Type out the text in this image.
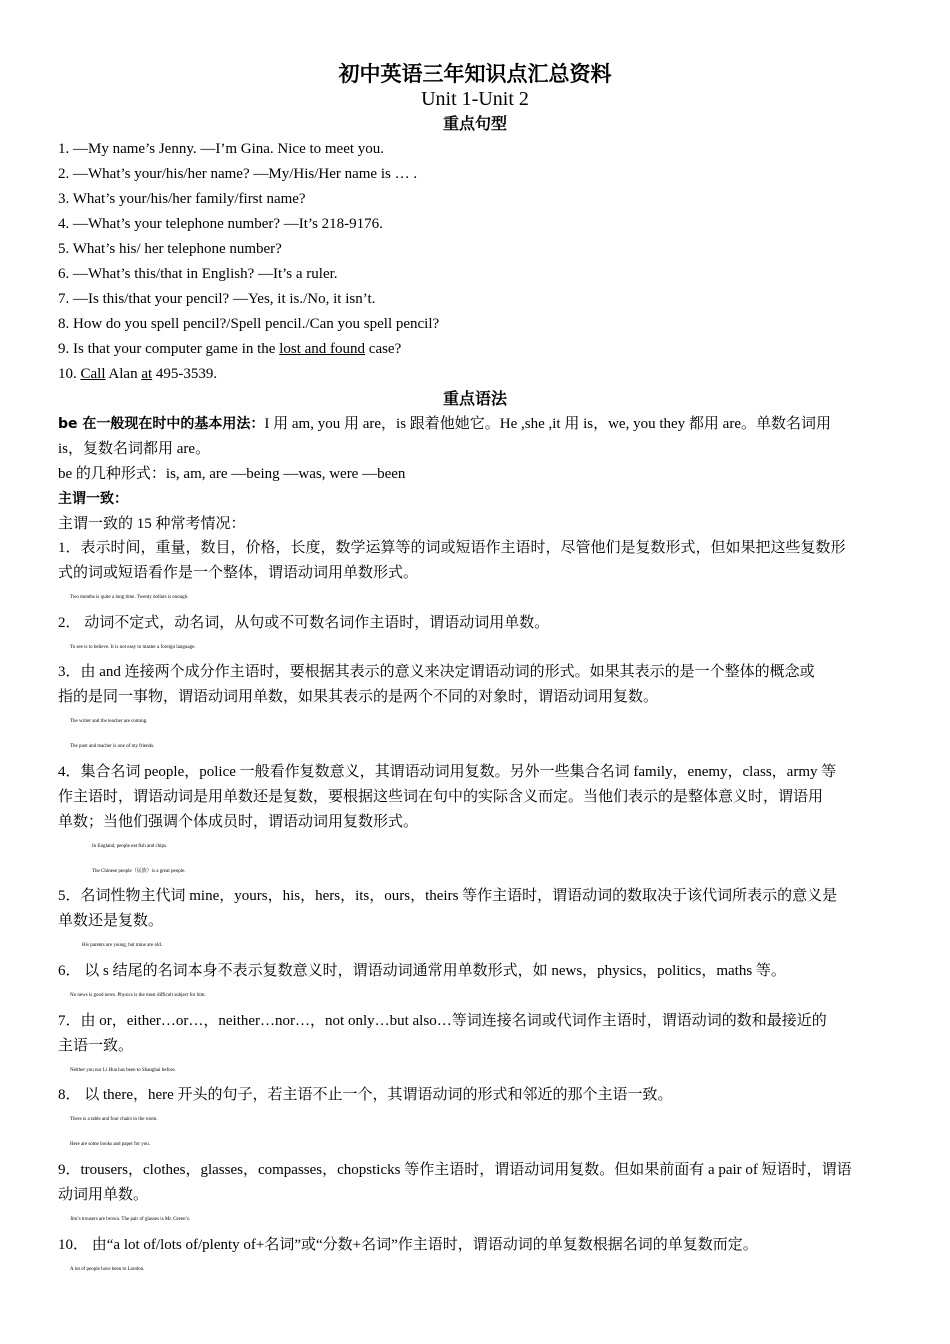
初中英语三年知识点汇总资料
Unit 1-Unit 2
重点句型
1. —My name’s Jenny. —I’m Gina. Nice to meet you.
2. —What’s your/his/her name? —My/His/Her name is … .
3. What’s your/his/her family/first name?
4. —What’s your telephone number? —It’s 218-9176.
5. What’s his/ her telephone number?
6. —What’s this/that in English? —It’s a ruler.
7. —Is this/that your pencil? —Yes, it is./No, it isn’t.
8. How do you spell pencil?/Spell pencil./Can you spell pencil?
9. Is that your computer game in the lost and found case?
10. Call Alan at 495-3539.
重点语法
be 在一般现在时中的基本用法：I 用 am, you 用 are，is 跟着他她它。He ,she ,it 用 is，we, you they 都用 are。单数名词用
is，复数名词都用 are。
be 的几种形式：is, am, are —being —was, were —been
主谓一致：
主谓一致的 15 种常考情况：
1．表示时间，重量，数目，价格，长度，数学运算等的词或短语作主语时，尽管他们是复数形式，但如果把这些复数形
式的词或短语看作是一个整体，谓语动词用单数形式。
Two months is quite a long time. Twenty dollars is enough.
2． 动词不定式，动名词，从句或不可数名词作主语时，谓语动词用单数。
To see is to believe. It is not easy to master a foreign language.
3．由 and 连接两个成分作主语时，要根据其表示的意义来决定谓语动词的形式。如果其表示的是一个整体的概念或
指的是同一事物，谓语动词用单数，如果其表示的是两个不同的对象时，谓语动词用复数。
The writer and the teacher are coming.
The poet and teacher is one of my friends.
4．集合名词 people，police 一般看作复数意义，其谓语动词用复数。另外一些集合名词 family，enemy，class，army 等
作主语时，谓语动词是用单数还是复数，要根据这些词在句中的实际含义而定。当他们表示的是整体意义时，谓语用
单数；当他们强调个体成员时，谓语动词用复数形式。
In England, people eat fish and chips.
The Chinese people（民族）is a great people.
5．名词性物主代词 mine，yours，his，hers，its，ours，theirs 等作主语时，谓语动词的数取决于该代词所表示的意义是
单数还是复数。
His parents are young, but mine are old.
6． 以 s 结尾的名词本身不表示复数意义时，谓语动词通常用单数形式，如 news，physics，politics，maths 等。
No news is good news. Physics is the most difficult subject for him.
7．由 or，either…or…，neither…nor…，not only…but also…等词连接名词或代词作主语时，谓语动词的数和最接近的
主语一致。
Neither you nor Li Hua has been to Shanghai before.
8． 以 there，here 开头的句子，若主语不止一个，其谓语动词的形式和邻近的那个主语一致。
There is a table and four chairs in the room.
Here are some books and paper for you.
9．trousers，clothes，glasses，compasses，chopsticks 等作主语时，谓语动词用复数。但如果前面有 a pair of 短语时，谓语
动词用单数。
Jim’s trousers are brown. The pair of glasses is Mr. Green’s.
10． 由“a lot of/lots of/plenty of+名词”或“分数+名词”作主语时，谓语动词的单复数根据名词的单复数而定。
A lot of people have been to London.
